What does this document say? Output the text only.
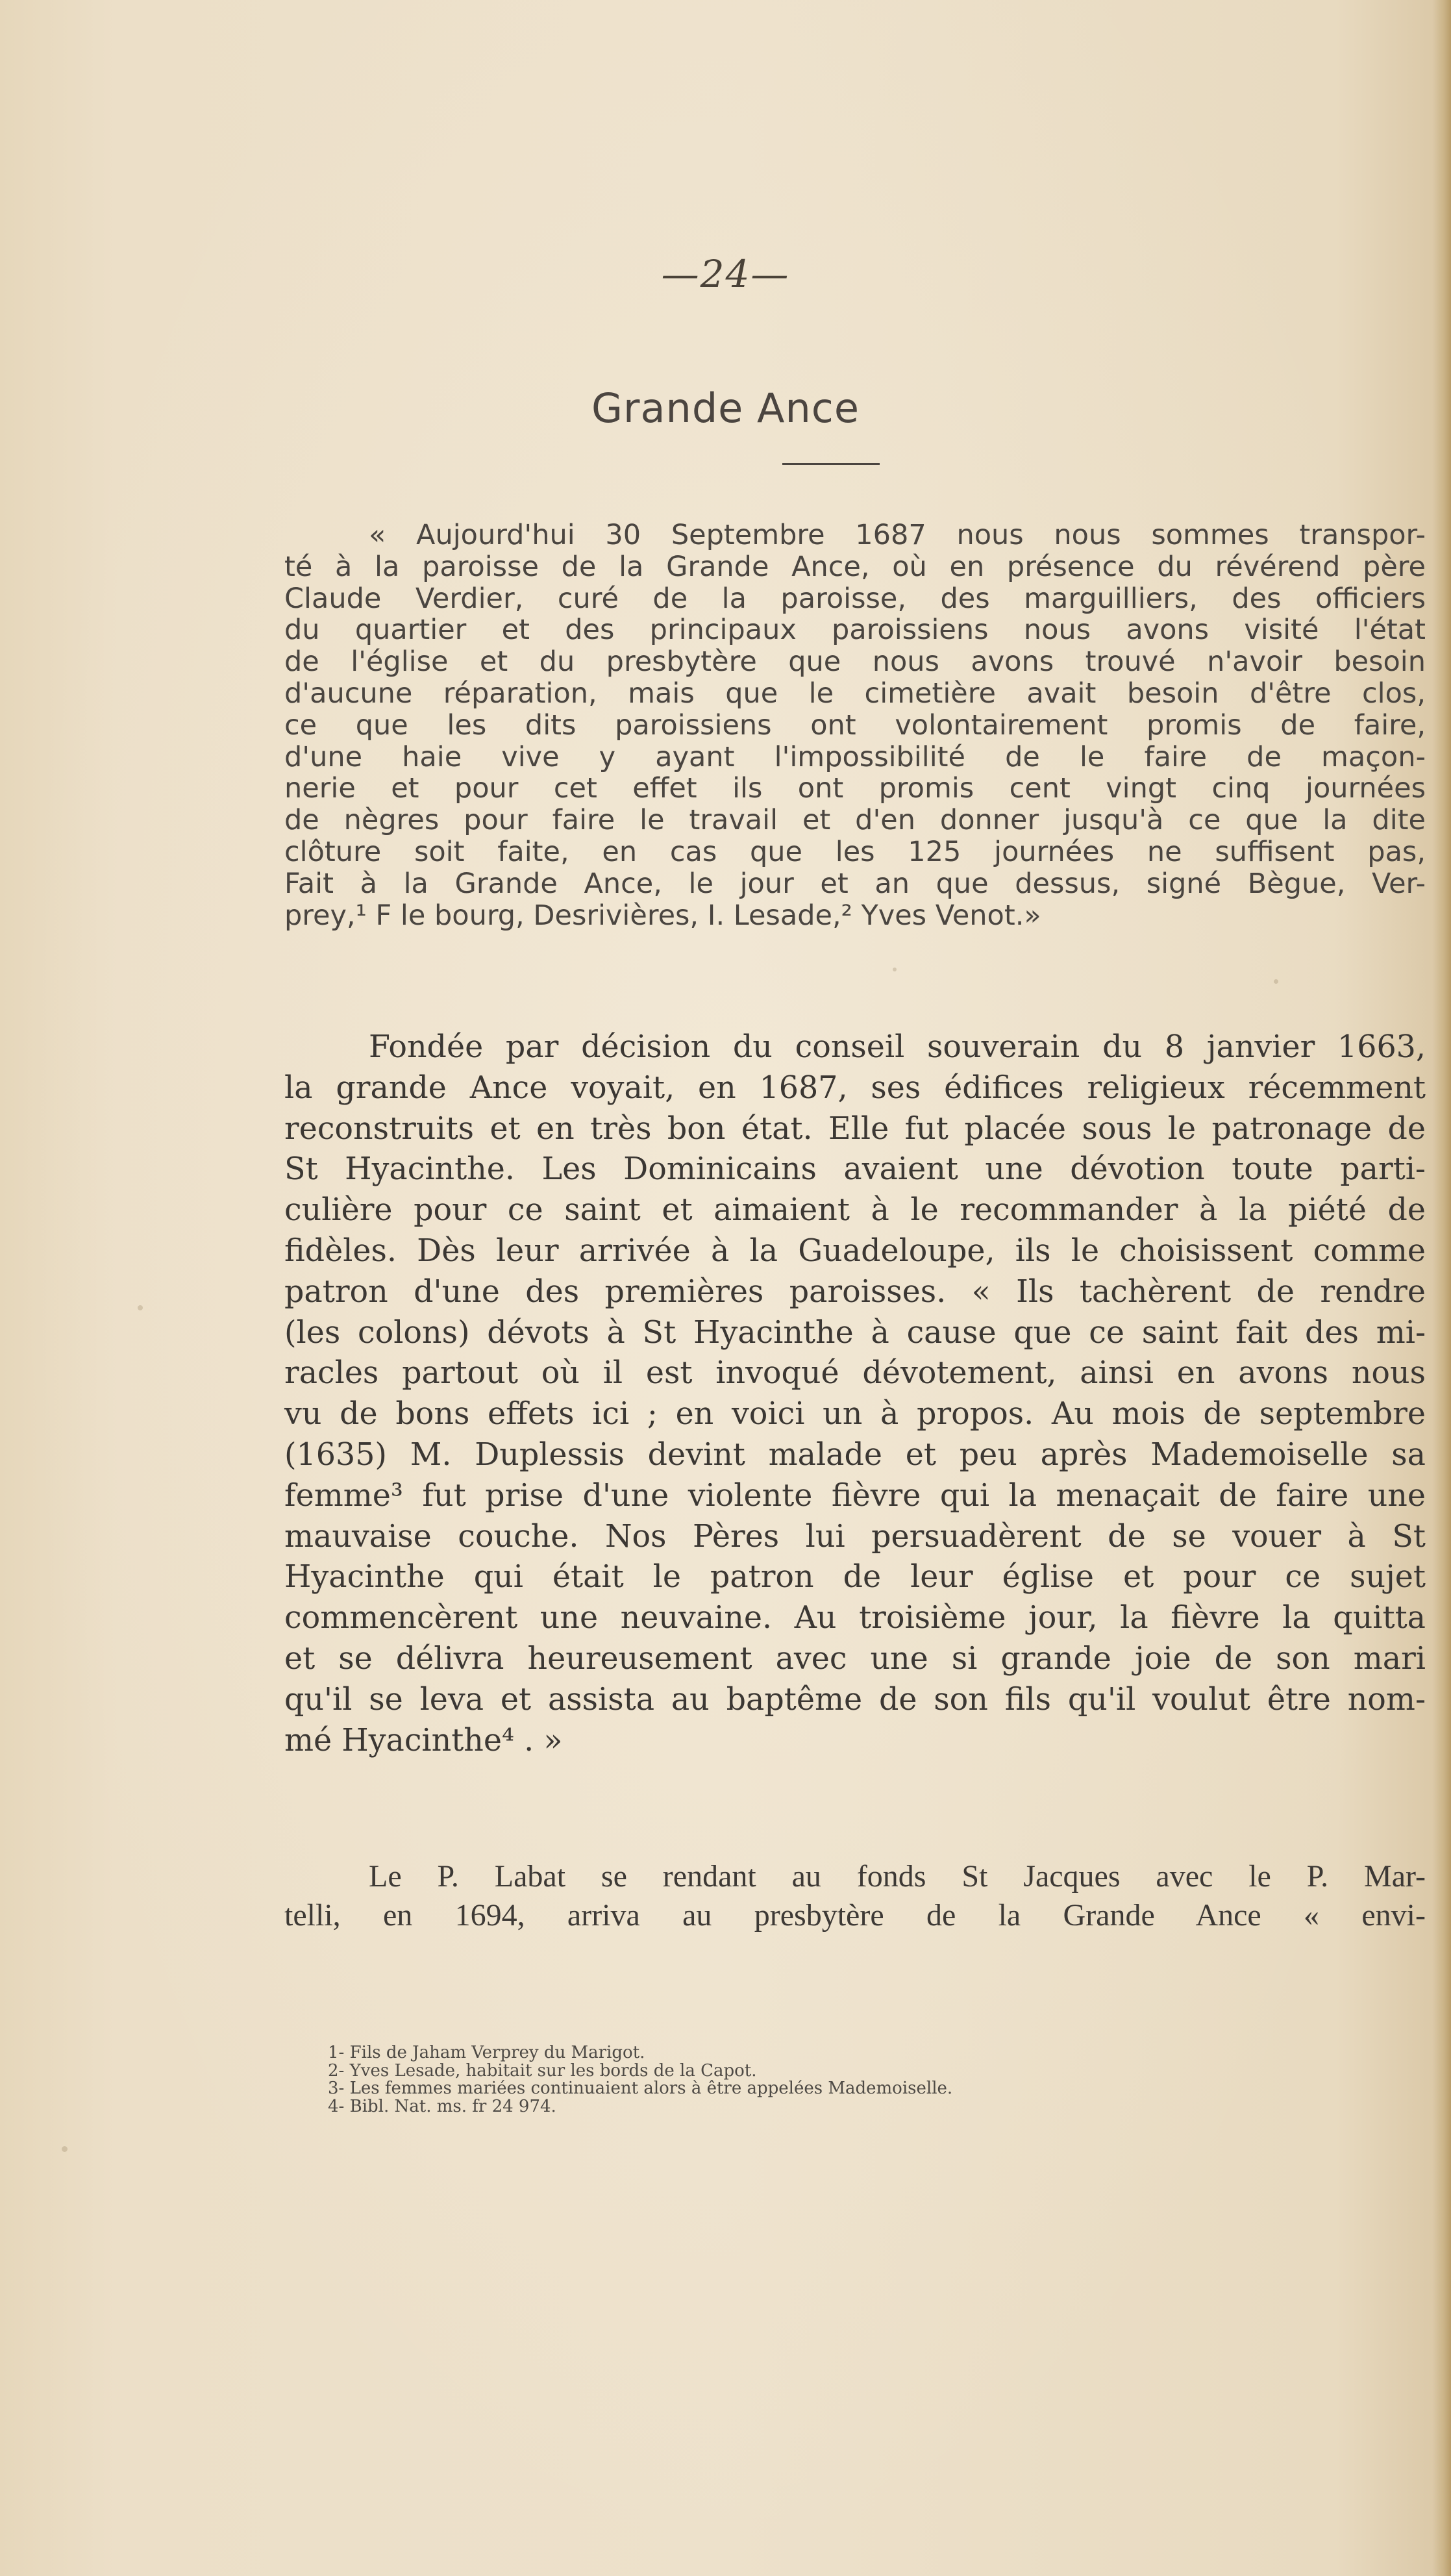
—24—
Grande Ance
« Aujourd'hui 30 Septembre 1687 nous nous sommes transpor-
té à la paroisse de la Grande Ance, où en présence du révérend père
Claude Verdier, curé de la paroisse, des marguilliers, des officiers
du quartier et des principaux paroissiens nous avons visité l'état
de l'église et du presbytère que nous avons trouvé n'avoir besoin
d'aucune réparation, mais que le cimetière avait besoin d'être clos,
ce que les dits paroissiens ont volontairement promis de faire,
d'une haie vive y ayant l'impossibilité de le faire de maçon-
nerie et pour cet effet ils ont promis cent vingt cinq journées
de nègres pour faire le travail et d'en donner jusqu'à ce que la dite
clôture soit faite, en cas que les 125 journées ne suffisent pas,
Fait à la Grande Ance, le jour et an que dessus, signé Bègue, Ver-
prey,¹ F le bourg, Desrivières, I. Lesade,² Yves Venot.»
Fondée par décision du conseil souverain du 8 janvier 1663,
la grande Ance voyait, en 1687, ses édifices religieux récemment
reconstruits et en très bon état. Elle fut placée sous le patronage de
St Hyacinthe. Les Dominicains avaient une dévotion toute parti-
culière pour ce saint et aimaient à le recommander à la piété de
fidèles. Dès leur arrivée à la Guadeloupe, ils le choisissent comme
patron d'une des premières paroisses. « Ils tachèrent de rendre
(les colons) dévots à St Hyacinthe à cause que ce saint fait des mi-
racles partout où il est invoqué dévotement, ainsi en avons nous
vu de bons effets ici ; en voici un à propos. Au mois de septembre
(1635) M. Duplessis devint malade et peu après Mademoiselle sa
femme³ fut prise d'une violente fièvre qui la menaçait de faire une
mauvaise couche. Nos Pères lui persuadèrent de se vouer à St
Hyacinthe qui était le patron de leur église et pour ce sujet
commencèrent une neuvaine. Au troisième jour, la fièvre la quitta
et se délivra heureusement avec une si grande joie de son mari
qu'il se leva et assista au baptême de son fils qu'il voulut être nom-
mé Hyacinthe⁴ . »
Le P. Labat se rendant au fonds St Jacques avec le P. Mar-
telli, en 1694, arriva au presbytère de la Grande Ance « envi-
1- Fils de Jaham Verprey du Marigot.
2- Yves Lesade, habitait sur les bords de la Capot.
3- Les femmes mariées continuaient alors à être appelées Mademoiselle.
4- Bibl. Nat. ms. fr 24 974.
